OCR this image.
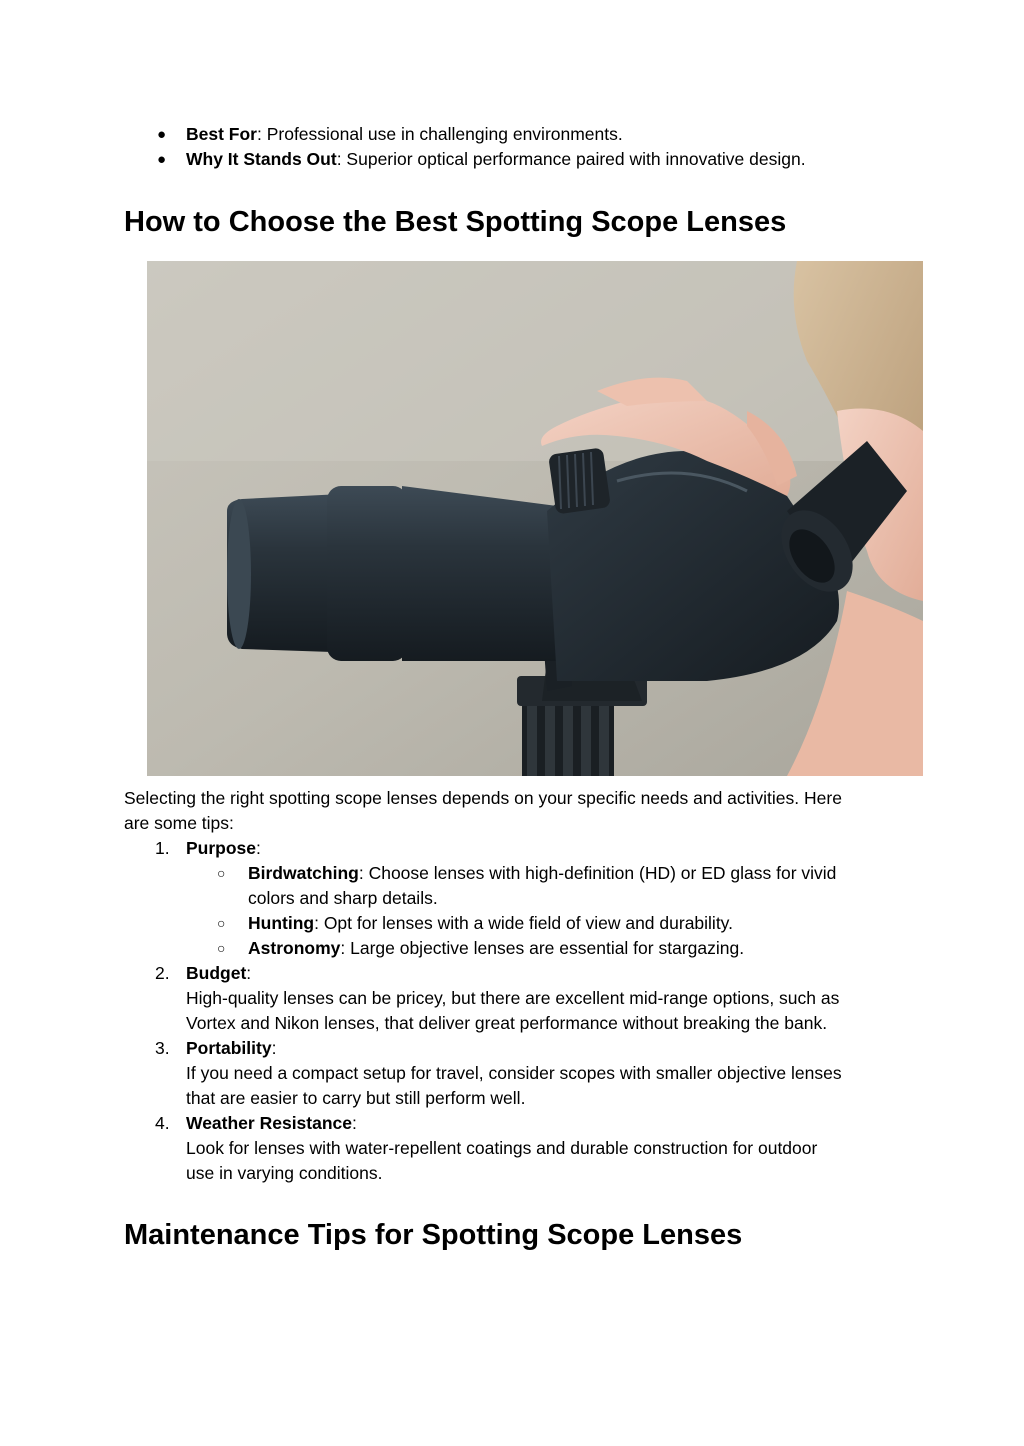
● Best For: Professional use in challenging environments.
● Why It Stands Out: Superior optical performance paired with innovative design.
How to Choose the Best Spotting Scope Lenses
Selecting the right spotting scope lenses depends on your specific needs and activities. Here
are some tips:
1. Purpose:
○ Birdwatching: Choose lenses with high-definition (HD) or ED glass for vivid
colors and sharp details.
○ Hunting: Opt for lenses with a wide field of view and durability.
○ Astronomy: Large objective lenses are essential for stargazing.
2. Budget:
High-quality lenses can be pricey, but there are excellent mid-range options, such as
Vortex and Nikon lenses, that deliver great performance without breaking the bank.
3. Portability:
If you need a compact setup for travel, consider scopes with smaller objective lenses
that are easier to carry but still perform well.
4. Weather Resistance:
Look for lenses with water-repellent coatings and durable construction for outdoor
use in varying conditions.
Maintenance Tips for Spotting Scope Lenses
